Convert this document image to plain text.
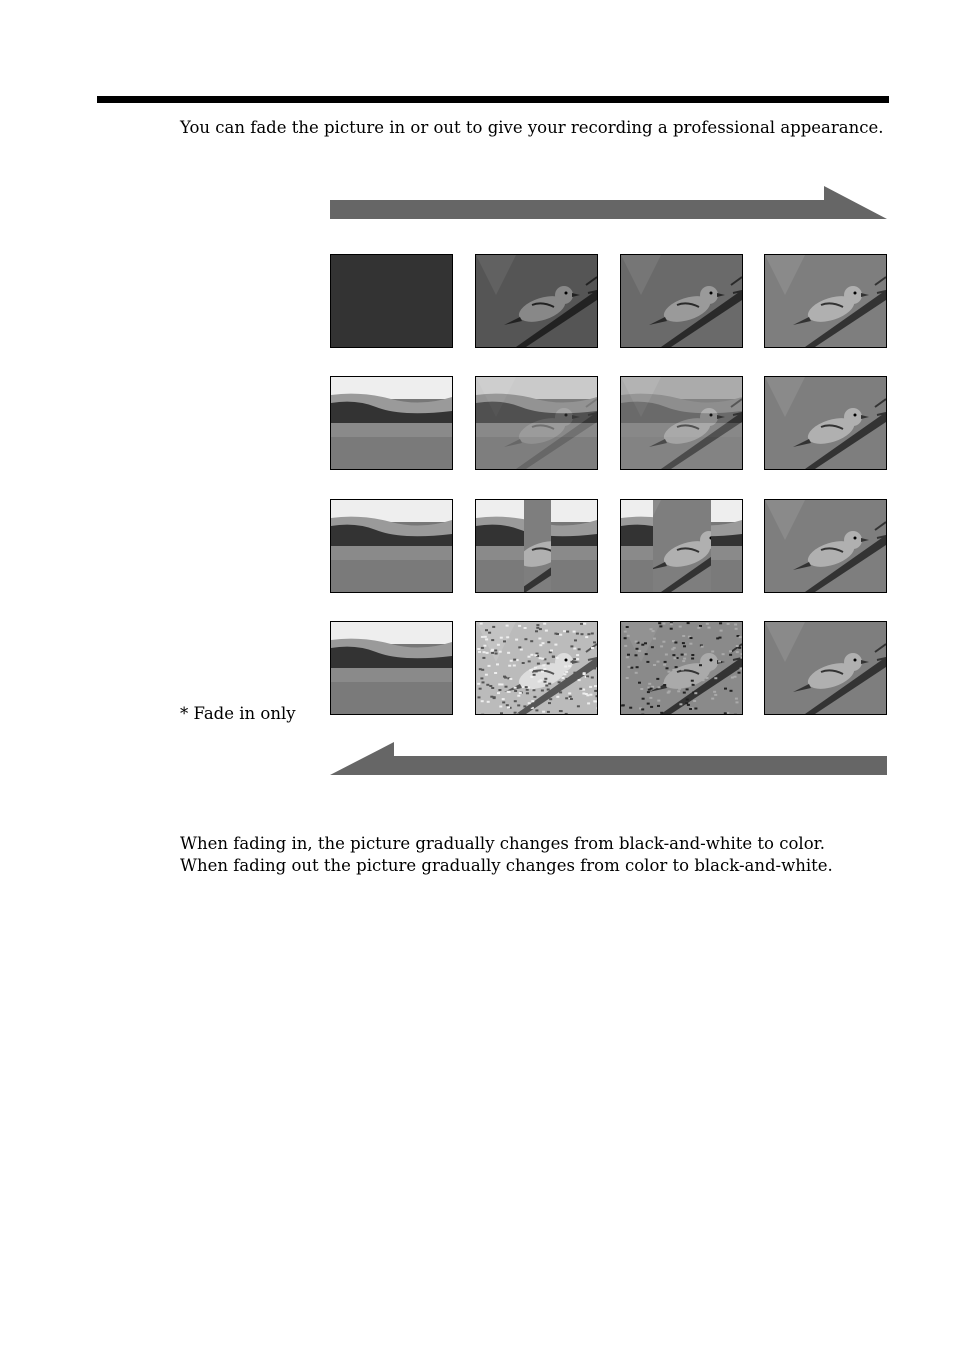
You can fade the picture in or out to give your recording a professional appearance.
* Fade in only
When fading in, the picture gradually changes from black-and-white to color.
When fading out the picture gradually changes from color to black-and-white.
